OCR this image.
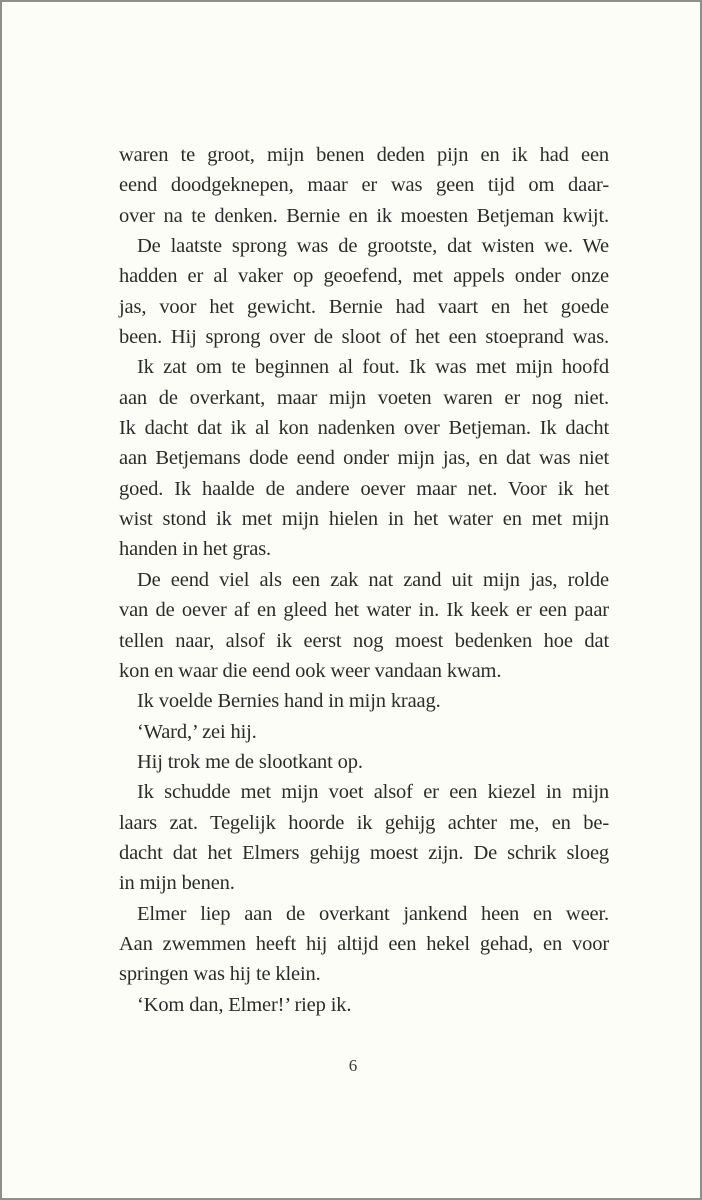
waren te groot, mijn benen deden pijn en ik had een
eend doodgeknepen, maar er was geen tijd om daar-
over na te denken. Bernie en ik moesten Betjeman kwijt.
De laatste sprong was de grootste, dat wisten we. We
hadden er al vaker op geoefend, met appels onder onze
jas, voor het gewicht. Bernie had vaart en het goede
been. Hij sprong over de sloot of het een stoeprand was.
Ik zat om te beginnen al fout. Ik was met mijn hoofd
aan de overkant, maar mijn voeten waren er nog niet.
Ik dacht dat ik al kon nadenken over Betjeman. Ik dacht
aan Betjemans dode eend onder mijn jas, en dat was niet
goed. Ik haalde de andere oever maar net. Voor ik het
wist stond ik met mijn hielen in het water en met mijn
handen in het gras.
De eend viel als een zak nat zand uit mijn jas, rolde
van de oever af en gleed het water in. Ik keek er een paar
tellen naar, alsof ik eerst nog moest bedenken hoe dat
kon en waar die eend ook weer vandaan kwam.
Ik voelde Bernies hand in mijn kraag.
‘Ward,’ zei hij.
Hij trok me de slootkant op.
Ik schudde met mijn voet alsof er een kiezel in mijn
laars zat. Tegelijk hoorde ik gehijg achter me, en be-
dacht dat het Elmers gehijg moest zijn. De schrik sloeg
in mijn benen.
Elmer liep aan de overkant jankend heen en weer.
Aan zwemmen heeft hij altijd een hekel gehad, en voor
springen was hij te klein.
‘Kom dan, Elmer!’ riep ik.
6
